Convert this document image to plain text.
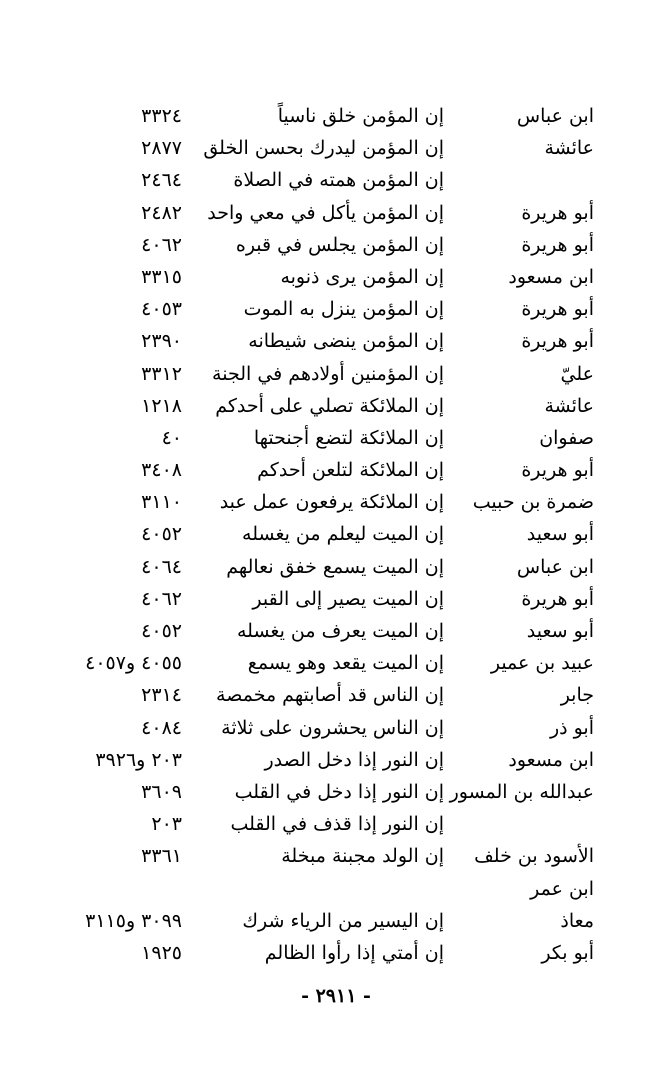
ابن عباس
إن المؤمن خلق ناسياً
٣٣٢٤
عائشة
إن المؤمن ليدرك بحسن الخلق
٢٨٧٧
إن المؤمن همته في الصلاة
٢٤٦٤
أبو هريرة
إن المؤمن يأكل في معي واحد
٢٤٨٢
أبو هريرة
إن المؤمن يجلس في قبره
٤٠٦٢
ابن مسعود
إن المؤمن يرى ذنوبه
٣٣١٥
أبو هريرة
إن المؤمن ينزل به الموت
٤٠٥٣
أبو هريرة
إن المؤمن ينضى شيطانه
٢٣٩٠
عليّ
إن المؤمنين أولادهم في الجنة
٣٣١٢
عائشة
إن الملائكة تصلي على أحدكم
١٢١٨
صفوان
إن الملائكة لتضع أجنحتها
٤٠
أبو هريرة
إن الملائكة لتلعن أحدكم
٣٤٠٨
ضمرة بن حبيب
إن الملائكة يرفعون عمل عبد
٣١١٠
أبو سعيد
إن الميت ليعلم من يغسله
٤٠٥٢
ابن عباس
إن الميت يسمع خفق نعالهم
٤٠٦٤
أبو هريرة
إن الميت يصير إلى القبر
٤٠٦٢
أبو سعيد
إن الميت يعرف من يغسله
٤٠٥٢
عبيد بن عمير
إن الميت يقعد وهو يسمع
٤٠٥٥ و٤٠٥٧
جابر
إن الناس قد أصابتهم مخمصة
٢٣١٤
أبو ذر
إن الناس يحشرون على ثلاثة
٤٠٨٤
ابن مسعود
إن النور إذا دخل الصدر
٢٠٣ و٣٩٢٦
عبدالله بن المسور
إن النور إذا دخل في القلب
٣٦٠٩
إن النور إذا قذف في القلب
٢٠٣
الأسود بن خلف
إن الولد مجبنة مبخلة
٣٣٦١
ابن عمر
معاذ
إن اليسير من الرياء شرك
٣٠٩٩ و٣١١٥
أبو بكر
إن أمتي إذا رأوا الظالم
١٩٢٥
- ٢٩١١ -
